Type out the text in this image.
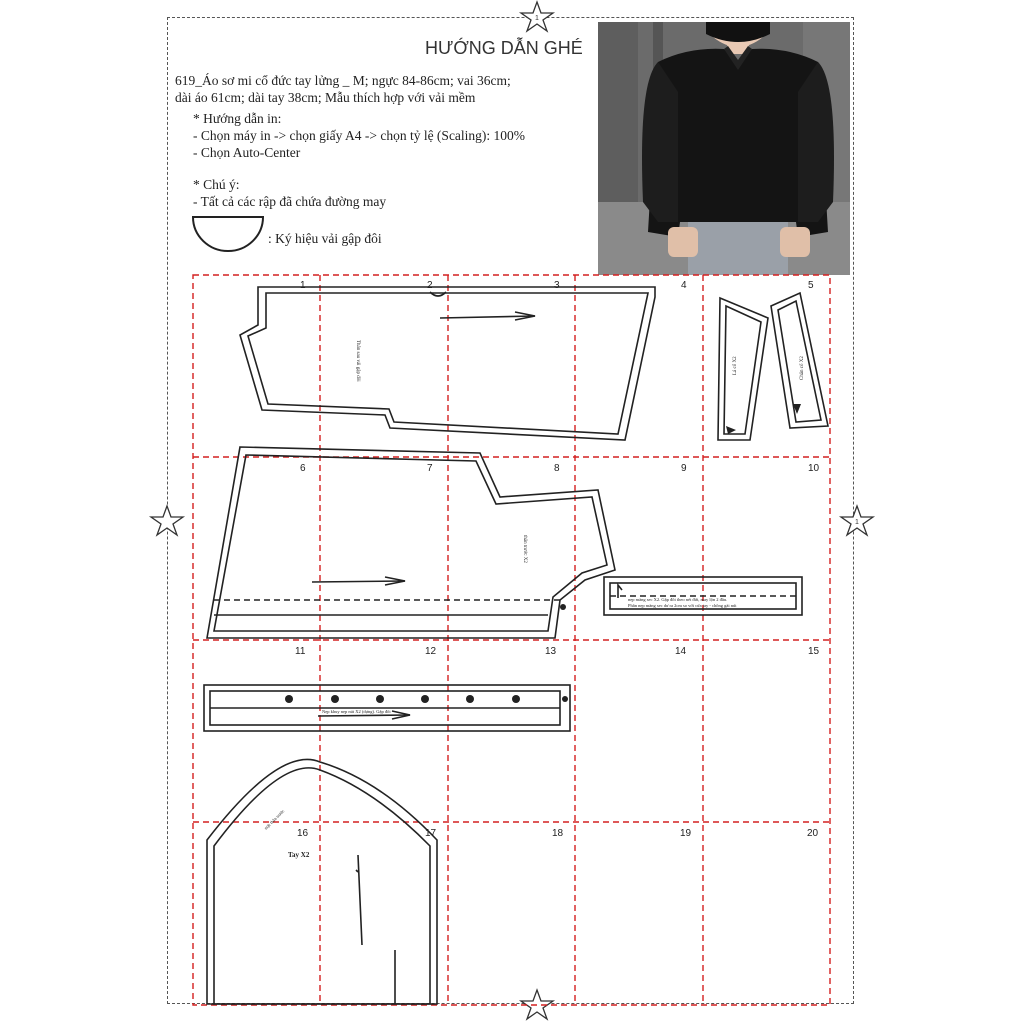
1
1
HƯỚNG DẪN GHÉ
619_Áo sơ mi cổ đức tay lửng _ M; ngực 84-86cm; vai 36cm;
dài áo 61cm; dài tay 38cm; Mẫu thích hợp với vải mềm
* Hướng dẫn in:
- Chọn máy in -> chọn giấy A4 -> chọn tỷ lệ (Scaling): 100%
- Chọn Auto-Center
* Chú ý:
- Tất cả các rập đã chứa đường may
: Ký hiệu vải gập đôi
Thân sau vải gập đôi	Lá cổ X2	Chân cổ X2
thân trước X2
nẹp măng sec X2. Gập đôi theo nét đứt, may lộn 2 đầu.
Phần nẹp măng sec dư ra 2cm so với cửa tay - chồng gài nút
Nẹp khuy nẹp nút X2 (dựng). Gập đôi
Tay X2
mặt thân trước
1	2	3	4	5
6	7	8	9	10
11	12	13	14	15
16	17	18	19	20
